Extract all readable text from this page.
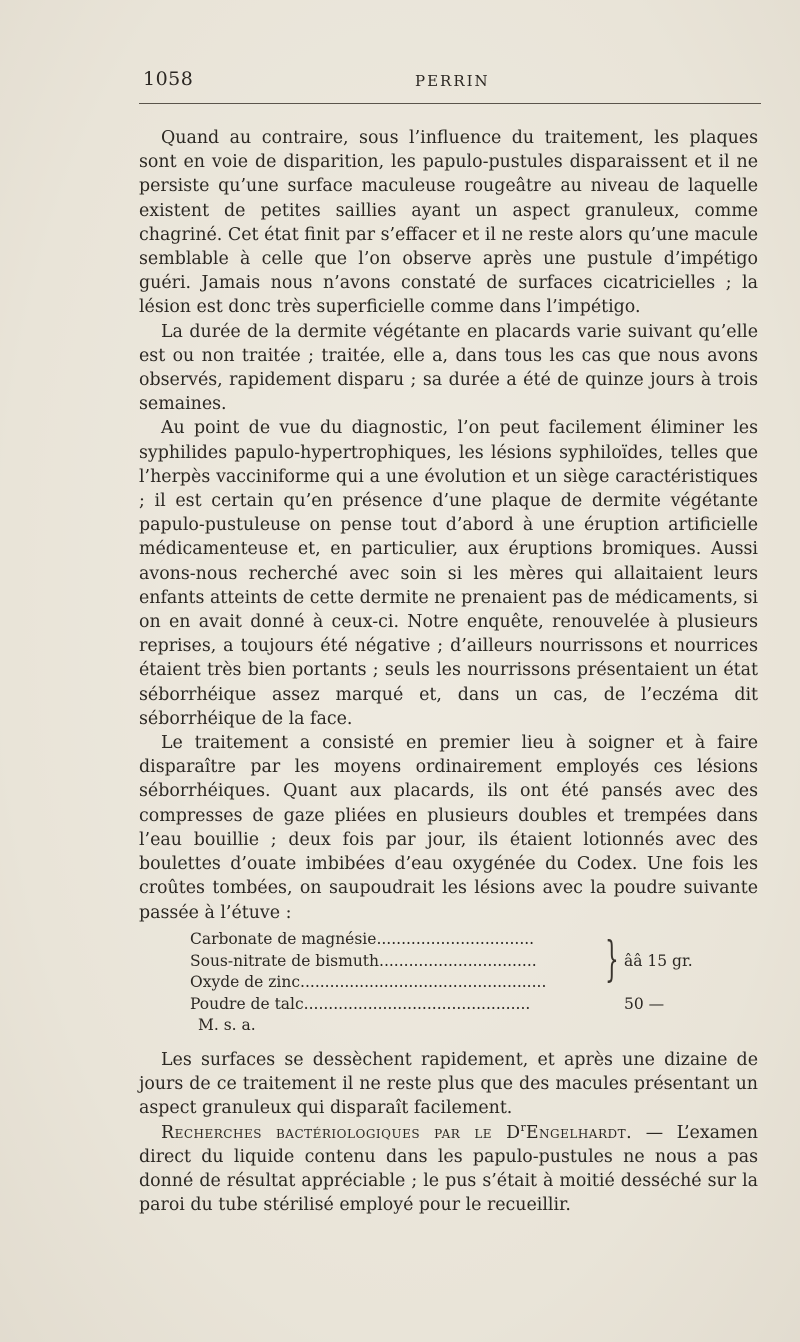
1058	PERRIN

Quand au contraire, sous l’influence du traitement, les plaques sont en voie de disparition, les papulo-pustules disparaissent et il ne persiste qu’une surface maculeuse rougeâtre au niveau de laquelle existent de petites saillies ayant un aspect granuleux, comme chagriné. Cet état finit par s’effacer et il ne reste alors qu’une macule semblable à celle que l’on observe après une pustule d’impétigo guéri. Jamais nous n’avons constaté de surfaces cicatricielles ; la lésion est donc très superficielle comme dans l’impétigo.

La durée de la dermite végétante en placards varie suivant qu’elle est ou non traitée ; traitée, elle a, dans tous les cas que nous avons observés, rapidement disparu ; sa durée a été de quinze jours à trois semaines.

Au point de vue du diagnostic, l’on peut facilement éliminer les syphilides papulo-hypertrophiques, les lésions syphiloïdes, telles que l’herpès vacciniforme qui a une évolution et un siège caractéristiques ; il est certain qu’en présence d’une plaque de dermite végétante papulo-pustuleuse on pense tout d’abord à une éruption artificielle médicamenteuse et, en particulier, aux éruptions bromiques. Aussi avons-nous recherché avec soin si les mères qui allaitaient leurs enfants atteints de cette dermite ne prenaient pas de médicaments, si on en avait donné à ceux-ci. Notre enquête, renouvelée à plusieurs reprises, a toujours été négative ; d’ailleurs nourrissons et nourrices étaient très bien portants ; seuls les nourrissons présentaient un état séborrhéique assez marqué et, dans un cas, de l’eczéma dit séborrhéique de la face.

Le traitement a consisté en premier lieu à soigner et à faire disparaître par les moyens ordinairement employés ces lésions séborrhéiques. Quant aux placards, ils ont été pansés avec des compresses de gaze pliées en plusieurs doubles et trempées dans l’eau bouillie ; deux fois par jour, ils étaient lotionnés avec des boulettes d’ouate imbibées d’eau oxygénée du Codex. Une fois les croûtes tombées, on saupoudrait les lésions avec la poudre suivante passée à l’étuve :

Carbonate de magnésie................................ }
Sous-nitrate de bismuth................................	ââ 15 gr.
Oxyde de zinc..................................................
Poudre de talc..............................................	50 —
M. s. a.

Les surfaces se dessèchent rapidement, et après une dizaine de jours de ce traitement il ne reste plus que des macules présentant un aspect granuleux qui disparaît facilement.

Recherches bactériologiques par le $D^rEngelhardt$. — L’examen direct du liquide contenu dans les papulo-pustules ne nous a pas donné de résultat appréciable ; le pus s’était à moitié desséché sur la paroi du tube stérilisé employé pour le recueillir.
